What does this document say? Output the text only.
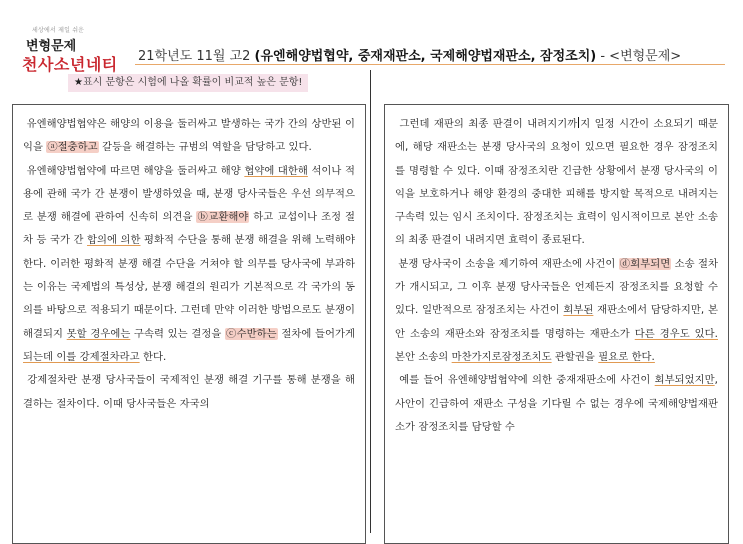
세상에서 제일 쉬운
변형문제
천사소년네티	21학년도 11월 고2 (유엔해양법협약, 중재재판소, 국제해양법재판소, 잠정조치) - <변형문제>
★표시 문항은 시험에 나올 확률이 비교적 높은 문항!

유엔해양법협약은 해양의 이용을 둘러싸고 발생하는 국가 간의 상반된 이익을 ⓐ절충하고 갈등을 해결하는 규범의 역할을 담당하고 있다.

유엔해양법협약에 따르면 해양을 둘러싸고 해양 협약에 대한해 석이나 적용에 관해 국가 간 분쟁이 발생하였을 때, 분쟁 당사국들은 우선 의무적으로 분쟁 해결에 관하여 신속히 의견을 ⓑ교환해야 하고 교섭이나 조정 절차 등 국가 간 합의에 의한 평화적 수단을 통해 분쟁 해결을 위해 노력해야 한다. 이러한 평화적 분쟁 해결 수단을 거쳐야 할 의무를 당사국에 부과하는 이유는 국제법의 특성상, 분쟁 해결의 원리가 기본적으로 각 국가의 동의를 바탕으로 적용되기 때문이다. 그런데 만약 이러한 방법으로도 분쟁이 해결되지 못할 경우에는 구속력 있는 결정을 ⓒ수반하는 절차에 들어가게 되는데 이를 강제절차라고 한다.

강제절차란 분쟁 당사국들이 국제적인 분쟁 해결 기구를 통해 분쟁을 해결하는 절차이다. 이때 당사국들은 자국의

그런데 재판의 최종 판결이 내려지기까 지 일정 시간이 소요되기 때문에, 해당 재판소는 분쟁 당사국의 요청이 있으면 필요한 경우 잠정조치를 명령할 수 있다. 이때 잠정조치란 긴급한 상황에서 분쟁 당사국의 이익을 보호하거나 해양 환경의 중대한 피해를 방지할 목적으로 내려지는 구속력 있는 임시 조치이다. 잠정조치는 효력이 임시적이므로 본안 소송의 최종 판결이 내려지면 효력이 종료된다.

분쟁 당사국이 소송을 제기하여 재판소에 사건이 ⓓ회부되면 소송 절차가 개시되고, 그 이후 분쟁 당사국들은 언제든지 잠정조치를 요청할 수 있다. 일반적으로 잠정조치는 사건이 회부된 재판소에서 담당하지만, 본안 소송의 재판소와 잠정조치를 명령하는 재판소가 다른 경우도 있다. 본안 소송의 마찬가지로잠정조치도 관할권을 필요로 한다.

예를 들어 유엔해양법협약에 의한 중재재판소에 사건이 회부되었지만, 사안이 긴급하여 재판소 구성을 기다릴 수 없는 경우에 국제해양법재판소가 잠정조치를 담당할 수
